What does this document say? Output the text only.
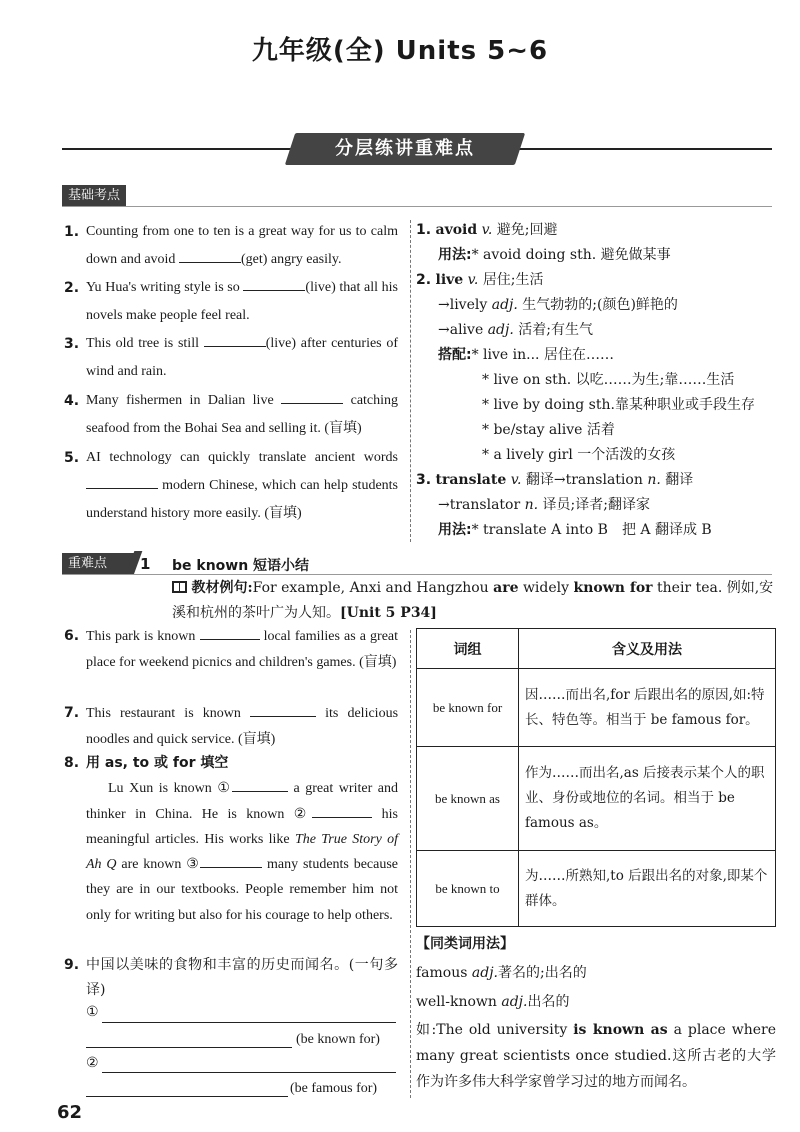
九年级(全) Units 5~6
分层练讲重难点
基础考点
1. Counting from one to ten is a great way for us to calm down and avoid	(get) angry easily.
2. Yu Hua's writing style is so	(live) that all his novels make people feel real.
3. This old tree is still	(live) after centuries of wind and rain.
4. Many fishermen in Dalian live	catching seafood from the Bohai Sea and selling it. (盲填)
5. AI technology can quickly translate ancient words  modern Chinese, which can help students understand history more easily. (盲填)
1. avoid v. 避免;回避
用法:* avoid doing sth. 避免做某事
2. live v. 居住;生活
→lively adj. 生气勃勃的;(颜色)鲜艳的
→alive adj. 活着;有生气
搭配:* live in... 居住在……
* live on sth. 以吃……为生;靠……生活
* live by doing sth.靠某种职业或手段生存
* be/stay alive 活着
* a lively girl 一个活泼的女孩
3. translate v. 翻译→translation n. 翻译
→translator n. 译员;译者;翻译家
用法:* translate A into B　把 A 翻译成 B
重难点	1 be known 短语小结
教材例句:For example, Anxi and Hangzhou are widely known for their tea. 例如,安溪和杭州的茶叶广为人知。[Unit 5 P34]
6. This park is known	local families as a great place for weekend picnics and children's games. (盲填)
7. This restaurant is known	its delicious noodles and quick service. (盲填)
8. 用 as, to 或 for 填空
Lu Xun is known ①	a great writer and thinker in China. He is known ②	his meaningful articles. His works like The True Story of Ah Q are known ③	many students because they are in our textbooks. People remember him not only for writing but also for his courage to help others.
9. 中国以美味的食物和丰富的历史而闻名。(一句多译)
①
(be known for)
②
(be famous for)
词组	含义及用法
be known for	因……而出名,for 后跟出名的原因,如:特长、特色等。相当于 be famous for。
be known as	作为……而出名,as 后接表示某个人的职业、身份或地位的名词。相当于 be famous as。
be known to	为……所熟知,to 后跟出名的对象,即某个群体。
【同类词用法】
famous adj.著名的;出名的
well-known adj.出名的
如:The old university is known as a place where many great scientists once studied.这所古老的大学作为许多伟大科学家曾学习过的地方而闻名。
62
